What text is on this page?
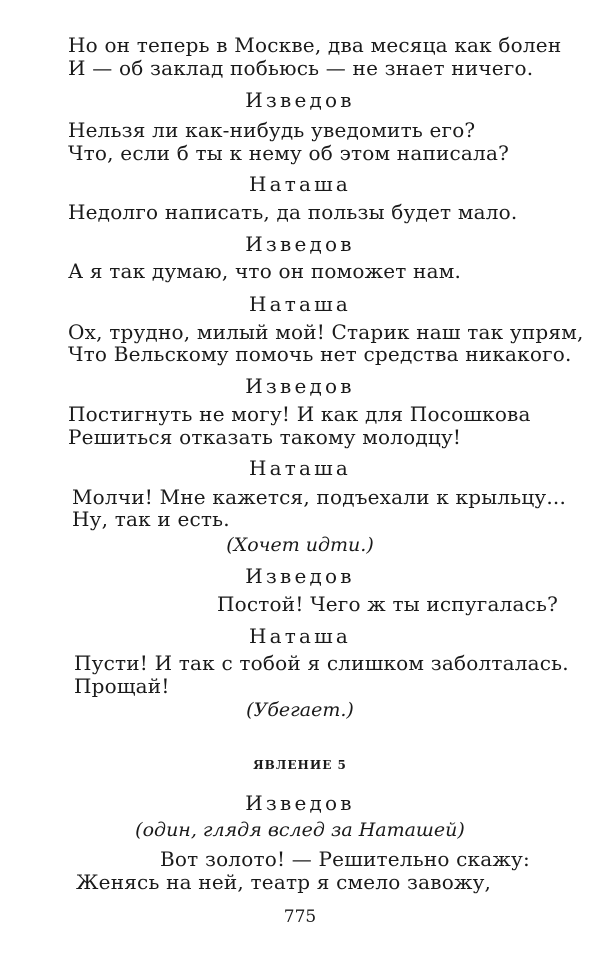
Но он теперь в Москве, два месяца как болен
И — об заклад побьюсь — не знает ничего.
Изведов
Нельзя ли как-нибудь уведомить его?
Что, если б ты к нему об этом написала?
Наташа
Недолго написать, да пользы будет мало.
Изведов
А я так думаю, что он поможет нам.
Наташа
Ох, трудно, милый мой! Старик наш так упрям,
Что Вельскому помочь нет средства никакого.
Изведов
Постигнуть не могу! И как для Посошкова
Решиться отказать такому молодцу!
Наташа
Молчи! Мне кажется, подъехали к крыльцу...
Ну, так и есть.
(Хочет идти.)
Изведов
Постой! Чего ж ты испугалась?
Наташа
Пусти! И так с тобой я слишком заболталась.
Прощай!
(Убегает.)
ЯВЛЕНИЕ 5
Изведов
(один, глядя вслед за Наташей)
Вот золото! — Решительно скажу:
Женясь на ней, театр я смело завожу,
775
